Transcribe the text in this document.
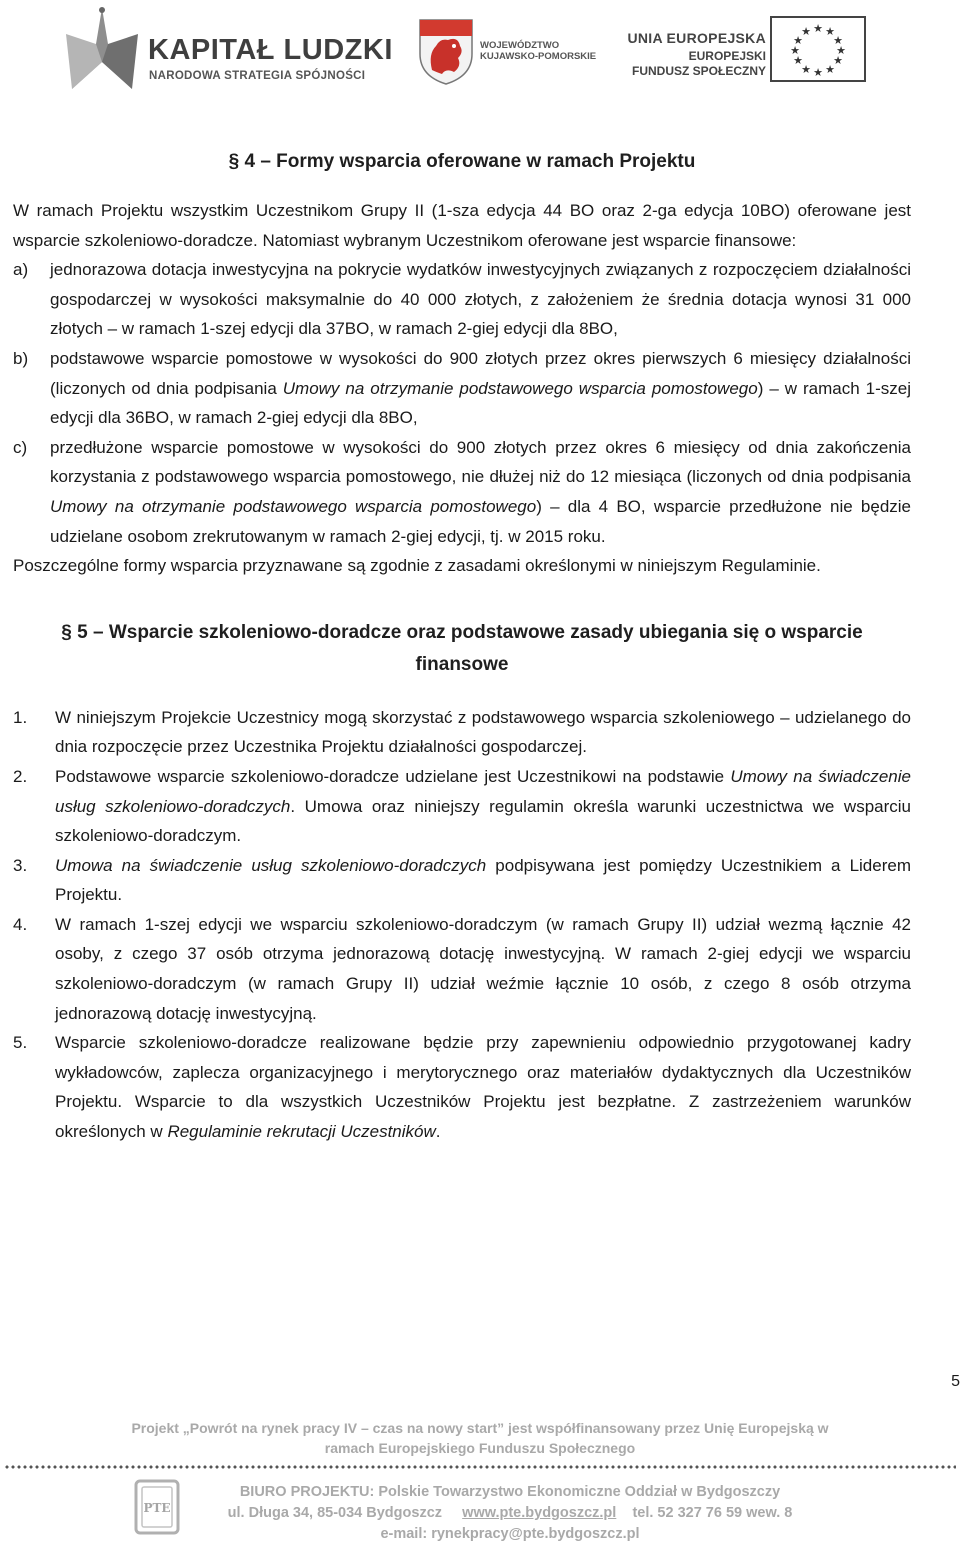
KAPITAŁ LUDZKI
NARODOWA STRATEGIA SPÓJNOŚCI
WOJEWÓDZTWO
KUJAWSKO-POMORSKIE
UNIA EUROPEJSKA
EUROPEJSKI
FUNDUSZ SPOŁECZNY
★ ★
★
★
★
★
★
★
★
★
★
★
§ 4 – Formy wsparcia oferowane w ramach Projektu

W ramach Projektu wszystkim Uczestnikom Grupy II (1-sza edycja 44 BO oraz 2-ga edycja 10BO) oferowane jest wsparcie szkoleniowo-doradcze. Natomiast wybranym Uczestnikom oferowane jest wsparcie finansowe:

a)	jednorazowa dotacja inwestycyjna na pokrycie wydatków inwestycyjnych związanych z rozpoczęciem działalności gospodarczej w wysokości maksymalnie do 40 000 złotych, z założeniem że średnia dotacja wynosi 31 000 złotych – w ramach 1-szej edycji dla 37BO, w ramach 2-giej edycji dla 8BO,
b)	podstawowe wsparcie pomostowe w wysokości do 900 złotych przez okres pierwszych 6 miesięcy działalności (liczonych od dnia podpisania Umowy na otrzymanie podstawowego wsparcia pomostowego) – w ramach 1-szej edycji dla 36BO, w ramach 2-giej edycji dla 8BO,
c)	przedłużone wsparcie pomostowe w wysokości do 900 złotych przez okres 6 miesięcy od dnia zakończenia korzystania z podstawowego wsparcia pomostowego, nie dłużej niż do 12 miesiąca (liczonych od dnia podpisania Umowy na otrzymanie podstawowego wsparcia pomostowego) – dla 4 BO, wsparcie przedłużone nie będzie udzielane osobom zrekrutowanym w ramach 2-giej edycji, tj. w 2015 roku.

Poszczególne formy wsparcia przyznawane są zgodnie z zasadami określonymi w niniejszym Regulaminie.

§ 5 – Wsparcie szkoleniowo-doradcze oraz podstawowe zasady ubiegania się o wsparcie
finansowe
1.	W niniejszym Projekcie Uczestnicy mogą skorzystać z podstawowego wsparcia szkoleniowego – udzielanego do dnia rozpoczęcie przez Uczestnika Projektu działalności gospodarczej.
2.	Podstawowe wsparcie szkoleniowo-doradcze udzielane jest Uczestnikowi na podstawie Umowy na świadczenie usług szkoleniowo-doradczych. Umowa oraz niniejszy regulamin określa warunki uczestnictwa we wsparciu szkoleniowo-doradczym.
3.	Umowa na świadczenie usług szkoleniowo-doradczych podpisywana jest pomiędzy Uczestnikiem a Liderem Projektu.
4.	W ramach 1-szej edycji we wsparciu szkoleniowo-doradczym (w ramach Grupy II) udział wezmą łącznie 42 osoby, z czego 37 osób otrzyma jednorazową dotację inwestycyjną. W ramach 2-giej edycji we wsparciu szkoleniowo-doradczym (w ramach Grupy II) udział weźmie łącznie 10 osób, z czego 8 osób otrzyma jednorazową dotację inwestycyjną.
5.	Wsparcie szkoleniowo-doradcze realizowane będzie przy zapewnieniu odpowiednio przygotowanej kadry wykładowców, zaplecza organizacyjnego i merytorycznego oraz materiałów dydaktycznych dla Uczestników Projektu. Wsparcie to dla wszystkich Uczestników Projektu jest bezpłatne. Z zastrzeżeniem warunków określonych w Regulaminie rekrutacji Uczestników.
5
Projekt „Powrót na rynek pracy IV – czas na nowy start” jest współfinansowany przez Unię Europejską w
ramach Europejskiego Funduszu Społecznego
PTE
BIURO PROJEKTU: Polskie Towarzystwo Ekonomiczne Oddział w Bydgoszczy
ul. Długa 34, 85-034 Bydgoszcz www.pte.bydgoszcz.pl tel. 52 327 76 59 wew. 8
e-mail: rynekpracy@pte.bydgoszcz.pl
